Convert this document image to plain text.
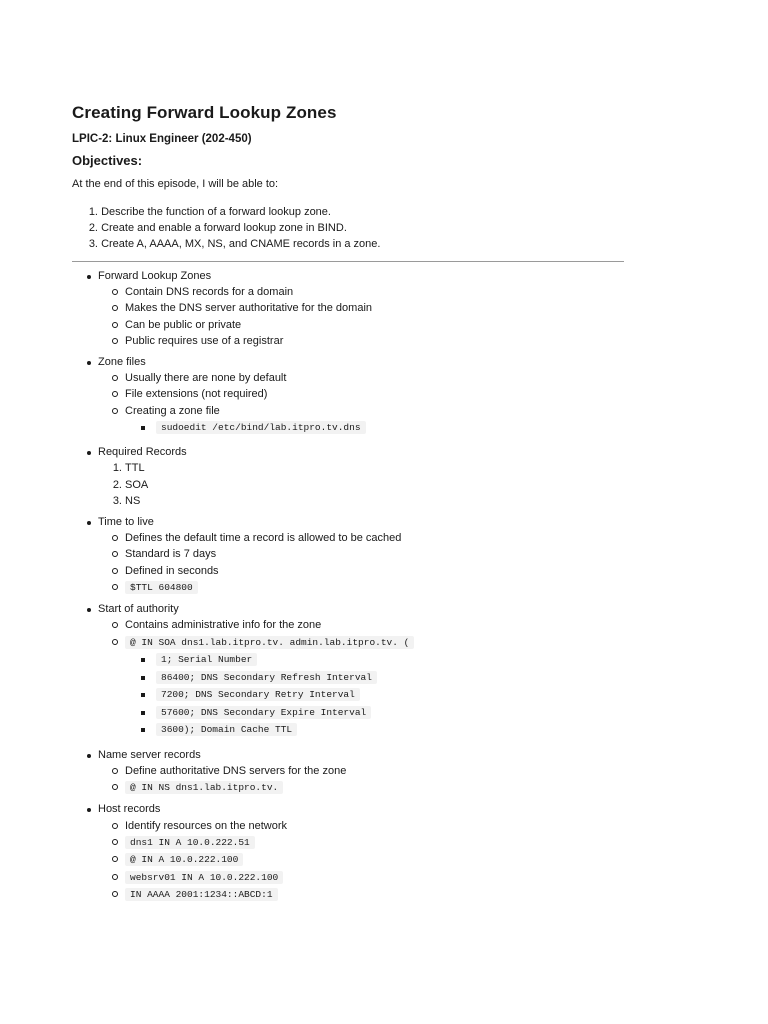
Creating Forward Lookup Zones
LPIC-2: Linux Engineer (202-450)
Objectives:
At the end of this episode, I will be able to:
1. Describe the function of a forward lookup zone.
2. Create and enable a forward lookup zone in BIND.
3. Create A, AAAA, MX, NS, and CNAME records in a zone.
Forward Lookup Zones
Contain DNS records for a domain
Makes the DNS server authoritative for the domain
Can be public or private
Public requires use of a registrar
Zone files
Usually there are none by default
File extensions (not required)
Creating a zone file
sudoedit /etc/bind/lab.itpro.tv.dns
Required Records
1. TTL
2. SOA
3. NS
Time to live
Defines the default time a record is allowed to be cached
Standard is 7 days
Defined in seconds
$TTL 604800
Start of authority
Contains administrative info for the zone
@ IN SOA dns1.lab.itpro.tv. admin.lab.itpro.tv. (
1; Serial Number
86400; DNS Secondary Refresh Interval
7200; DNS Secondary Retry Interval
57600; DNS Secondary Expire Interval
3600); Domain Cache TTL
Name server records
Define authoritative DNS servers for the zone
@ IN NS dns1.lab.itpro.tv.
Host records
Identify resources on the network
dns1 IN A 10.0.222.51
@ IN A 10.0.222.100
websrv01 IN A 10.0.222.100
IN AAAA 2001:1234::ABCD:1
